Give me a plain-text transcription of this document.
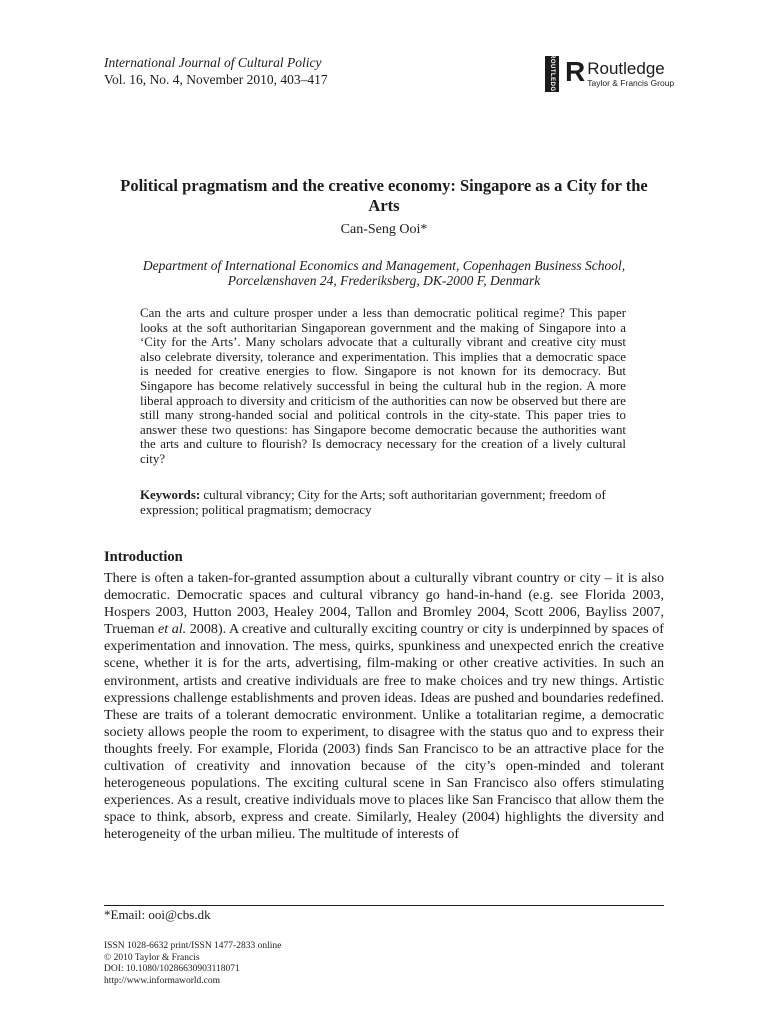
International Journal of Cultural Policy
Vol. 16, No. 4, November 2010, 403–417	ROUTLEDGE R Routledge
Taylor & Francis Group
Political pragmatism and the creative economy: Singapore as a City for the Arts
Can-Seng Ooi*
Department of International Economics and Management, Copenhagen Business School,
Porcelænshaven 24, Frederiksberg, DK-2000 F, Denmark

Can the arts and culture prosper under a less than democratic political regime? This paper looks at the soft authoritarian Singaporean government and the making of Singapore into a ‘City for the Arts’. Many scholars advocate that a culturally vibrant and creative city must also celebrate diversity, tolerance and experimentation. This implies that a democratic space is needed for creative energies to flow. Singapore is not known for its democracy. But Singapore has become relatively successful in being the cultural hub in the region. A more liberal approach to diversity and criticism of the authorities can now be observed but there are still many strong-handed social and political controls in the city-state. This paper tries to answer these two questions: has Singapore become democratic because the authorities want the arts and culture to flourish? Is democracy necessary for the creation of a lively cultural city?

Keywords: cultural vibrancy; City for the Arts; soft authoritarian government; freedom of expression; political pragmatism; democracy

Introduction

There is often a taken-for-granted assumption about a culturally vibrant country or city – it is also democratic. Democratic spaces and cultural vibrancy go hand-in-hand (e.g. see Florida 2003, Hospers 2003, Hutton 2003, Healey 2004, Tallon and Bromley 2004, Scott 2006, Bayliss 2007, Trueman et al. 2008). A creative and culturally exciting country or city is underpinned by spaces of experimentation and innovation. The mess, quirks, spunkiness and unexpected enrich the creative scene, whether it is for the arts, advertising, film-making or other creative activities. In such an environment, artists and creative individuals are free to make choices and try new things. Artistic expressions challenge establishments and proven ideas. Ideas are pushed and boundaries redefined. These are traits of a tolerant democratic environment. Unlike a totalitarian regime, a democratic society allows people the room to experiment, to disagree with the status quo and to express their thoughts freely. For example, Florida (2003) finds San Francisco to be an attractive place for the cultivation of creativity and innovation because of the city’s open-minded and tolerant heterogeneous populations. The exciting cultural scene in San Francisco also offers stimulating experiences. As a result, creative individuals move to places like San Francisco that allow them the space to think, absorb, express and create. Similarly, Healey (2004) highlights the diversity and heterogeneity of the urban milieu. The multitude of interests of

*Email: ooi@cbs.dk
ISSN 1028-6632 print/ISSN 1477-2833 online
© 2010 Taylor & Francis
DOI: 10.1080/10286630903118071
http://www.informaworld.com
